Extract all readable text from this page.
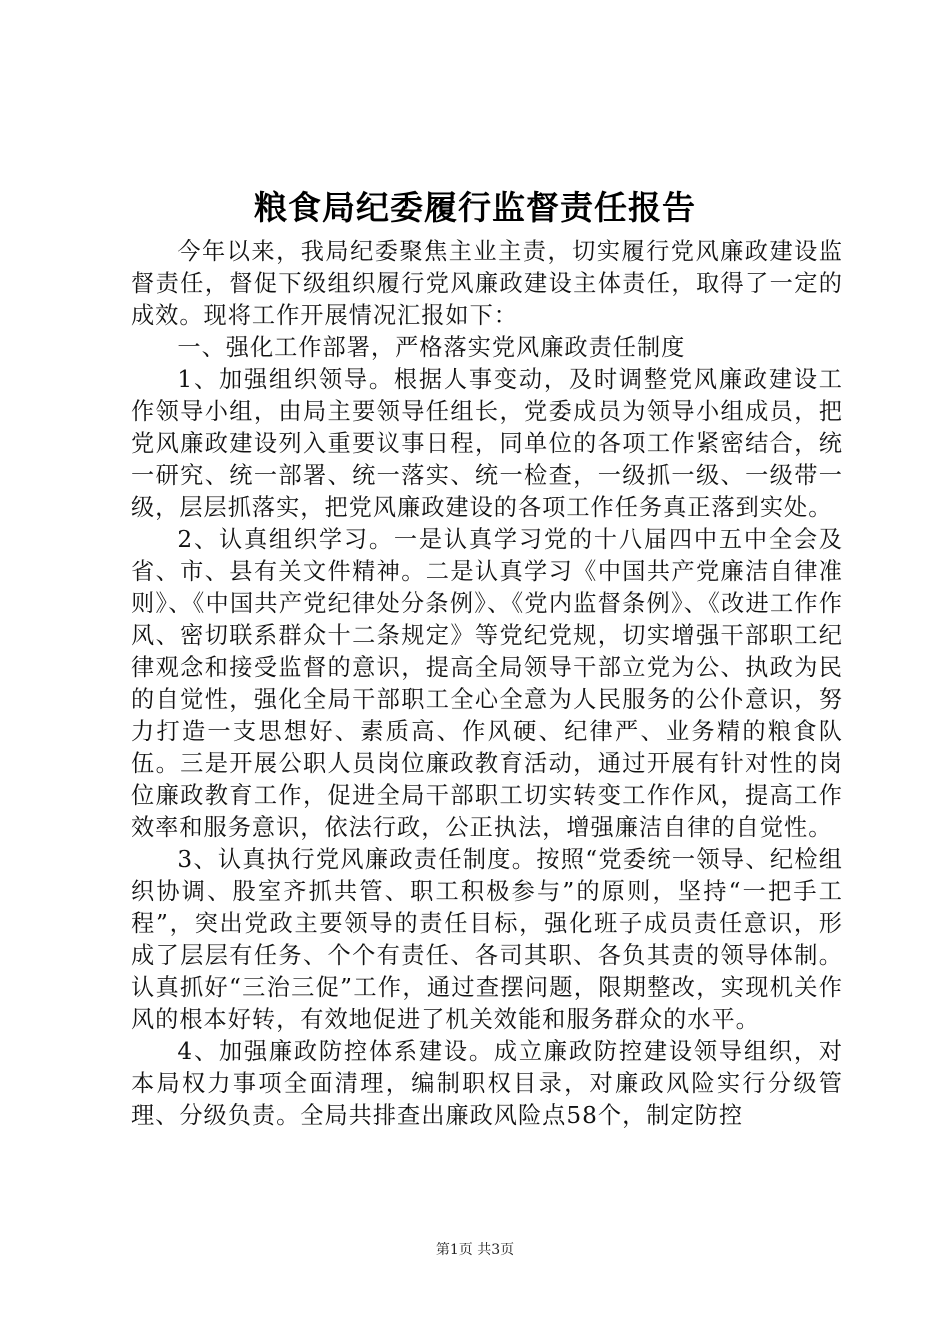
粮食局纪委履行监督责任报告

今年以来，我局纪委聚焦主业主责，切实履行党风廉政建设监督责任，督促下级组织履行党风廉政建设主体责任，取得了一定的成效。现将工作开展情况汇报如下：

一、强化工作部署，严格落实党风廉政责任制度

1、加强组织领导。根据人事变动，及时调整党风廉政建设工作领导小组，由局主要领导任组长，党委成员为领导小组成员，把党风廉政建设列入重要议事日程，同单位的各项工作紧密结合，统一研究、统一部署、统一落实、统一检查，一级抓一级、一级带一级，层层抓落实，把党风廉政建设的各项工作任务真正落到实处。

2、认真组织学习。一是认真学习党的十八届四中五中全会及省、市、县有关文件精神。二是认真学习《中国共产党廉洁自律准则》、《中国共产党纪律处分条例》、《党内监督条例》、《改进工作作风、密切联系群众十二条规定》等党纪党规，切实增强干部职工纪律观念和接受监督的意识，提高全局领导干部立党为公、执政为民的自觉性，强化全局干部职工全心全意为人民服务的公仆意识，努力打造一支思想好、素质高、作风硬、纪律严、业务精的粮食队伍。三是开展公职人员岗位廉政教育活动，通过开展有针对性的岗位廉政教育工作，促进全局干部职工切实转变工作作风，提高工作效率和服务意识，依法行政，公正执法，增强廉洁自律的自觉性。

3、认真执行党风廉政责任制度。按照“党委统一领导、纪检组织协调、股室齐抓共管、职工积极参与”的原则，坚持“一把手工程”，突出党政主要领导的责任目标，强化班子成员责任意识，形成了层层有任务、个个有责任、各司其职、各负其责的领导体制。认真抓好“三治三促”工作，通过查摆问题，限期整改，实现机关作风的根本好转，有效地促进了机关效能和服务群众的水平。

4、加强廉政防控体系建设。成立廉政防控建设领导组织，对本局权力事项全面清理，编制职权目录，对廉政风险实行分级管理、分级负责。全局共排查出廉政风险点58个，制定防控

第1页 共3页
